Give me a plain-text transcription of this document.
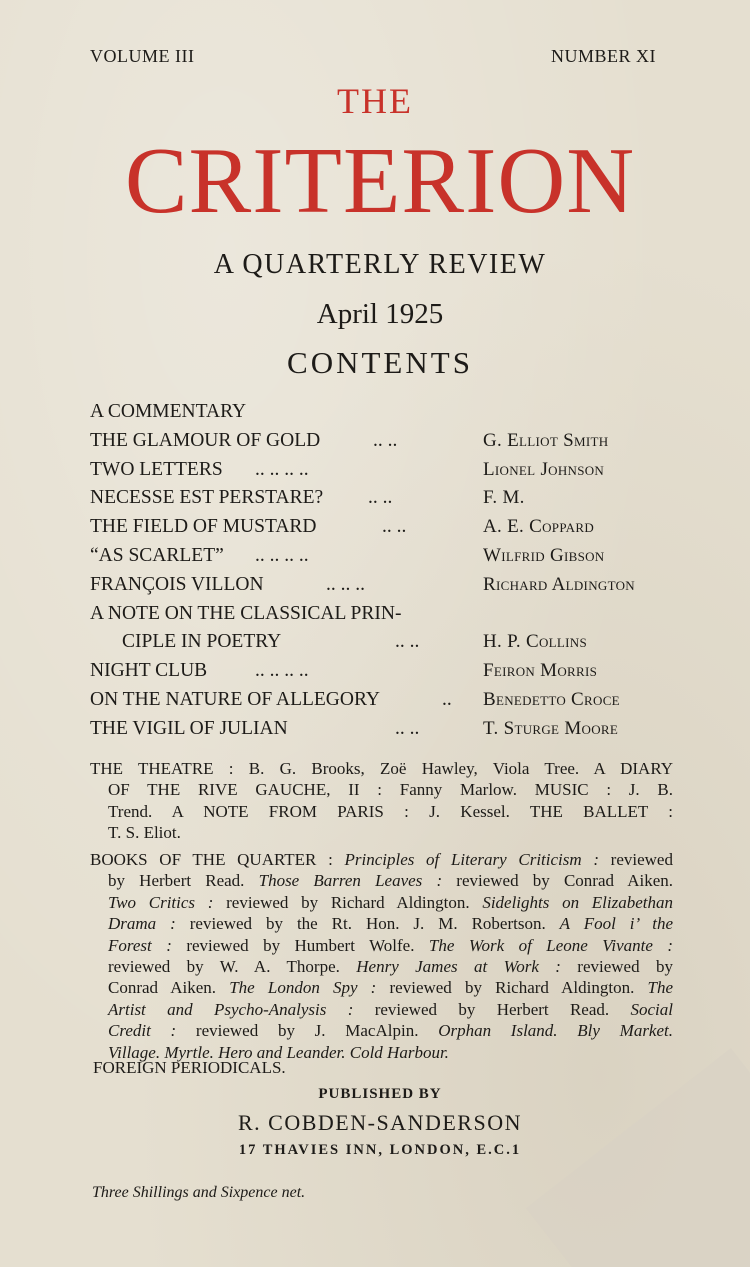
VOLUME III	NUMBER XI
THE
CRITERION
A QUARTERLY REVIEW
April 1925
CONTENTS
A COMMENTARY
THE GLAMOUR OF GOLD	.. ..	G. Elliot Smith
TWO LETTERS .. .. .. ..	Lionel Johnson
NECESSE EST PERSTARE? .. ..	F. M.
THE FIELD OF MUSTARD	.. ..	A. E. Coppard
“AS SCARLET” .. .. .. ..	Wilfrid Gibson
FRANÇOIS VILLON	.. .. ..	Richard Aldington
A NOTE ON THE CLASSICAL PRIN-
CIPLE IN POETRY	.. ..	H. P. Collins
NIGHT CLUB .. .. .. ..	Feiron Morris
ON THE NATURE OF ALLEGORY	.. Benedetto Croce
THE VIGIL OF JULIAN	.. ..	T. Sturge Moore
THE THEATRE : B. G. Brooks, Zoë Hawley, Viola Tree. A DIARY
OF THE RIVE GAUCHE, II : Fanny Marlow. MUSIC : J. B.
Trend. A NOTE FROM PARIS : J. Kessel. THE BALLET :
T. S. Eliot.
BOOKS OF THE QUARTER : Principles of Literary Criticism : reviewed
by Herbert Read. Those Barren Leaves : reviewed by Conrad Aiken.
Two Critics : reviewed by Richard Aldington. Sidelights on Elizabethan
Drama : reviewed by the Rt. Hon. J. M. Robertson. A Fool i’ the
Forest : reviewed by Humbert Wolfe. The Work of Leone Vivante :
reviewed by W. A. Thorpe. Henry James at Work : reviewed by
Conrad Aiken. The London Spy : reviewed by Richard Aldington. The
Artist and Psycho-Analysis : reviewed by Herbert Read. Social
Credit : reviewed by J. MacAlpin. Orphan Island. Bly Market.
Village. Myrtle. Hero and Leander. Cold Harbour.
FOREIGN PERIODICALS.
PUBLISHED BY
R. COBDEN-SANDERSON
17 THAVIES INN, LONDON, E.C.1
Three Shillings and Sixpence net.
